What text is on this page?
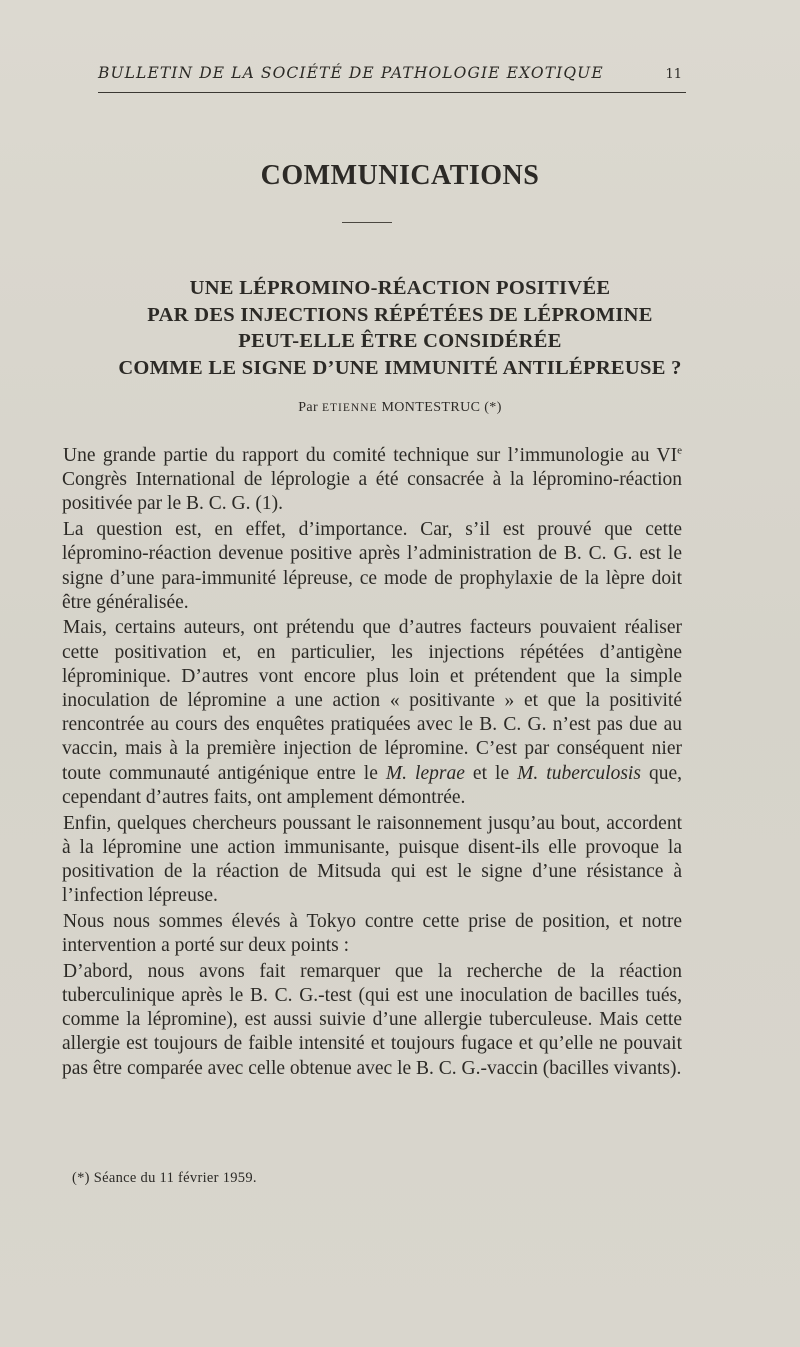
BULLETIN DE LA SOCIÉTÉ DE PATHOLOGIE EXOTIQUE	11
COMMUNICATIONS
UNE LÉPROMINO-RÉACTION POSITIVÉE
PAR DES INJECTIONS RÉPÉTÉES DE LÉPROMINE
PEUT-ELLE ÊTRE CONSIDÉRÉE
COMME LE SIGNE D’UNE IMMUNITÉ ANTILÉPREUSE ?
Par ETIENNE MONTESTRUC (*)

Une grande partie du rapport du comité technique sur l’immunologie au VIe Congrès International de léprologie a été consacrée à la lépromino-réaction positivée par le B. C. G. (1).

La question est, en effet, d’importance. Car, s’il est prouvé que cette lépromino-réaction devenue positive après l’administration de B. C. G. est le signe d’une para-immunité lépreuse, ce mode de prophylaxie de la lèpre doit être généralisée.

Mais, certains auteurs, ont prétendu que d’autres facteurs pouvaient réaliser cette positivation et, en particulier, les injections répétées d’antigène léprominique. D’autres vont encore plus loin et prétendent que la simple inoculation de lépromine a une action « positivante » et que la positivité rencontrée au cours des enquêtes pratiquées avec le B. C. G. n’est pas due au vaccin, mais à la première injection de lépromine. C’est par conséquent nier toute communauté antigénique entre le M. leprae et le M. tuberculosis que, cependant d’autres faits, ont amplement démontrée.

Enfin, quelques chercheurs poussant le raisonnement jusqu’au bout, accordent à la lépromine une action immunisante, puisque disent-ils elle provoque la positivation de la réaction de Mitsuda qui est le signe d’une résistance à l’infection lépreuse.

Nous nous sommes élevés à Tokyo contre cette prise de position, et notre intervention a porté sur deux points :

D’abord, nous avons fait remarquer que la recherche de la réaction tuberculinique après le B. C. G.-test (qui est une inoculation de bacilles tués, comme la lépromine), est aussi suivie d’une allergie tuberculeuse. Mais cette allergie est toujours de faible intensité et toujours fugace et qu’elle ne pouvait pas être comparée avec celle obtenue avec le B. C. G.-vaccin (bacilles vivants).

(*) Séance du 11 février 1959.
